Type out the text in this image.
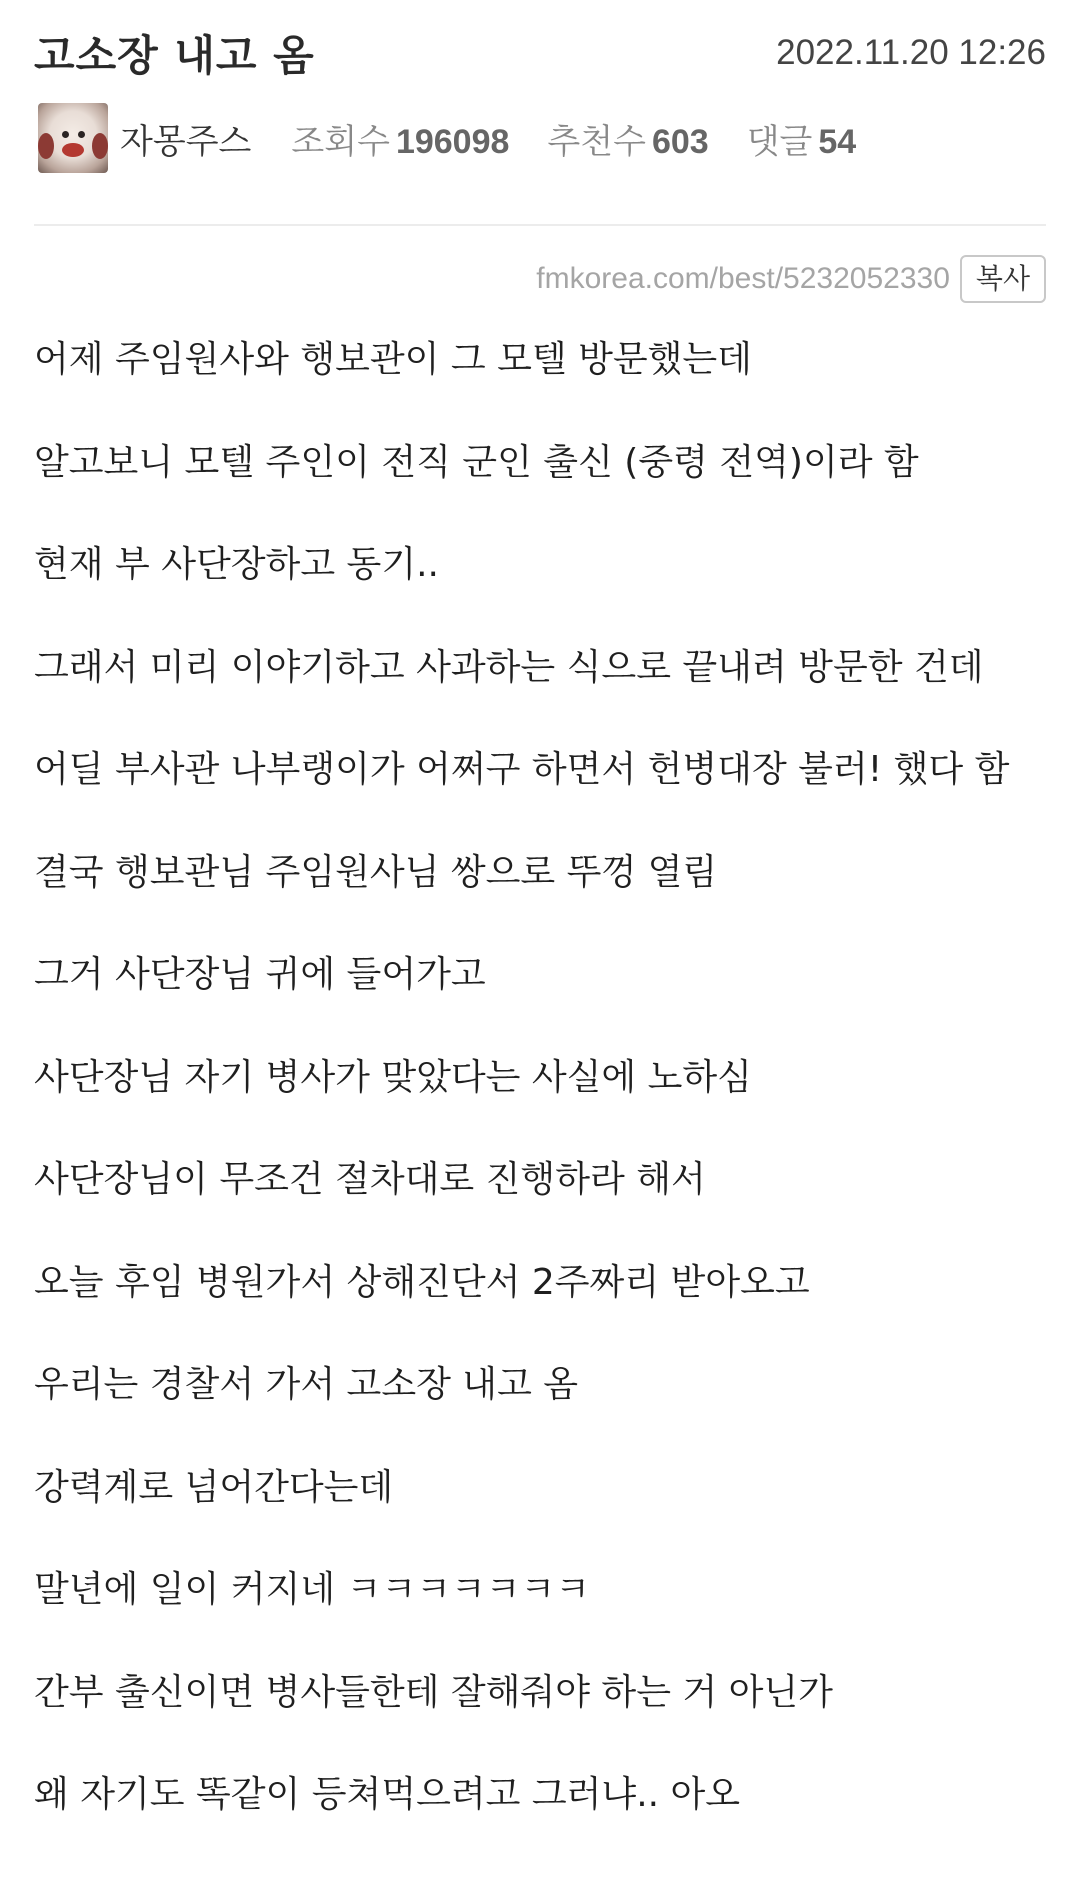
고소장 내고 옴	2022.11.20 12:26
자몽주스 조회수 196098 추천수 603 댓글 54
fmkorea.com/best/5232052330 복사
어제 주임원사와 행보관이 그 모텔 방문했는데
알고보니 모텔 주인이 전직 군인 출신 (중령 전역)이라 함
현재 부 사단장하고 동기..
그래서 미리 이야기하고 사과하는 식으로 끝내려 방문한 건데
어딜 부사관 나부랭이가 어쩌구 하면서 헌병대장 불러! 했다 함
결국 행보관님 주임원사님 쌍으로 뚜껑 열림
그거 사단장님 귀에 들어가고
사단장님 자기 병사가 맞았다는 사실에 노하심
사단장님이 무조건 절차대로 진행하라 해서
오늘 후임 병원가서 상해진단서 2주짜리 받아오고
우리는 경찰서 가서 고소장 내고 옴
강력계로 넘어간다는데
말년에 일이 커지네 ㅋㅋㅋㅋㅋㅋㅋ
간부 출신이면 병사들한테 잘해줘야 하는 거 아닌가
왜 자기도 똑같이 등쳐먹으려고 그러냐.. 아오
